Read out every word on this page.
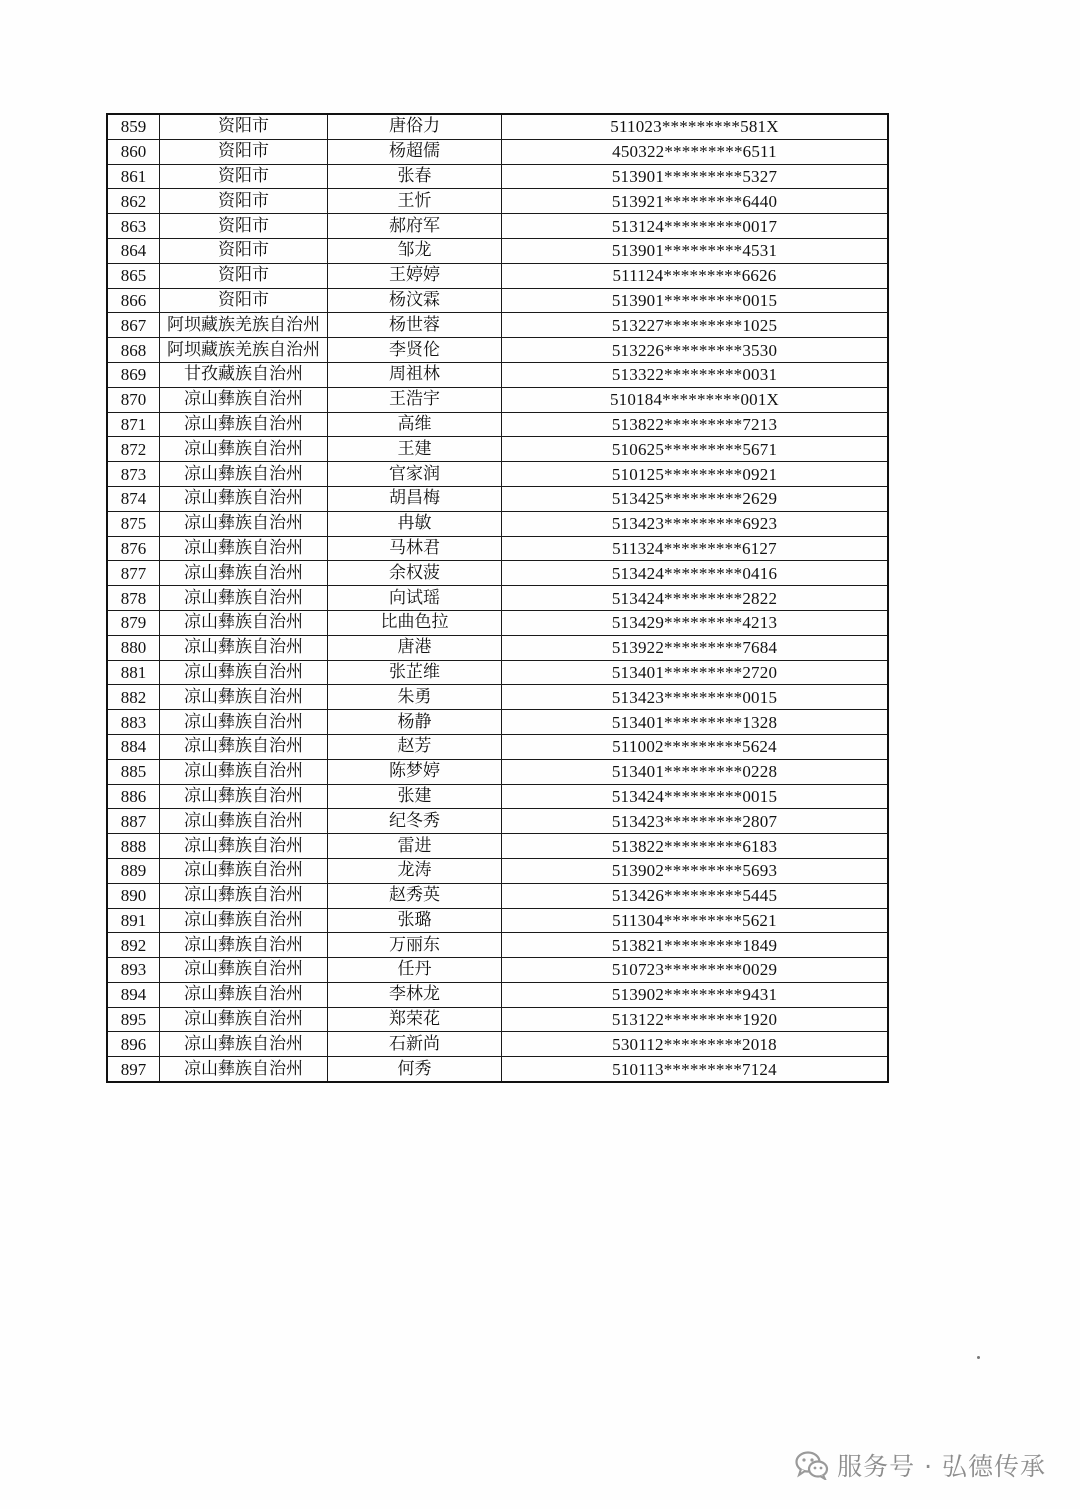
859	资阳市	唐俗力	511023*********581X
860	资阳市	杨超儒	450322*********6511
861	资阳市	张春	513901*********5327
862	资阳市	王忻	513921*********6440
863	资阳市	郝府军	513124*********0017
864	资阳市	邹龙	513901*********4531
865	资阳市	王婷婷	511124*********6626
866	资阳市	杨汶霖	513901*********0015
867	阿坝藏族羌族自治州	杨世蓉	513227*********1025
868	阿坝藏族羌族自治州	李贤伦	513226*********3530
869	甘孜藏族自治州	周祖林	513322*********0031
870	凉山彝族自治州	王浩宇	510184*********001X
871	凉山彝族自治州	高维	513822*********7213
872	凉山彝族自治州	王建	510625*********5671
873	凉山彝族自治州	官家润	510125*********0921
874	凉山彝族自治州	胡昌梅	513425*********2629
875	凉山彝族自治州	冉敏	513423*********6923
876	凉山彝族自治州	马林君	511324*********6127
877	凉山彝族自治州	余权菠	513424*********0416
878	凉山彝族自治州	向试瑶	513424*********2822
879	凉山彝族自治州	比曲色拉	513429*********4213
880	凉山彝族自治州	唐港	513922*********7684
881	凉山彝族自治州	张芷维	513401*********2720
882	凉山彝族自治州	朱勇	513423*********0015
883	凉山彝族自治州	杨静	513401*********1328
884	凉山彝族自治州	赵芳	511002*********5624
885	凉山彝族自治州	陈梦婷	513401*********0228
886	凉山彝族自治州	张建	513424*********0015
887	凉山彝族自治州	纪冬秀	513423*********2807
888	凉山彝族自治州	雷进	513822*********6183
889	凉山彝族自治州	龙涛	513902*********5693
890	凉山彝族自治州	赵秀英	513426*********5445
891	凉山彝族自治州	张璐	511304*********5621
892	凉山彝族自治州	万丽东	513821*********1849
893	凉山彝族自治州	任丹	510723*********0029
894	凉山彝族自治州	李林龙	513902*********9431
895	凉山彝族自治州	郑荣花	513122*********1920
896	凉山彝族自治州	石新尚	530112*********2018
897	凉山彝族自治州	何秀	510113*********7124
服务号 · 弘德传承
